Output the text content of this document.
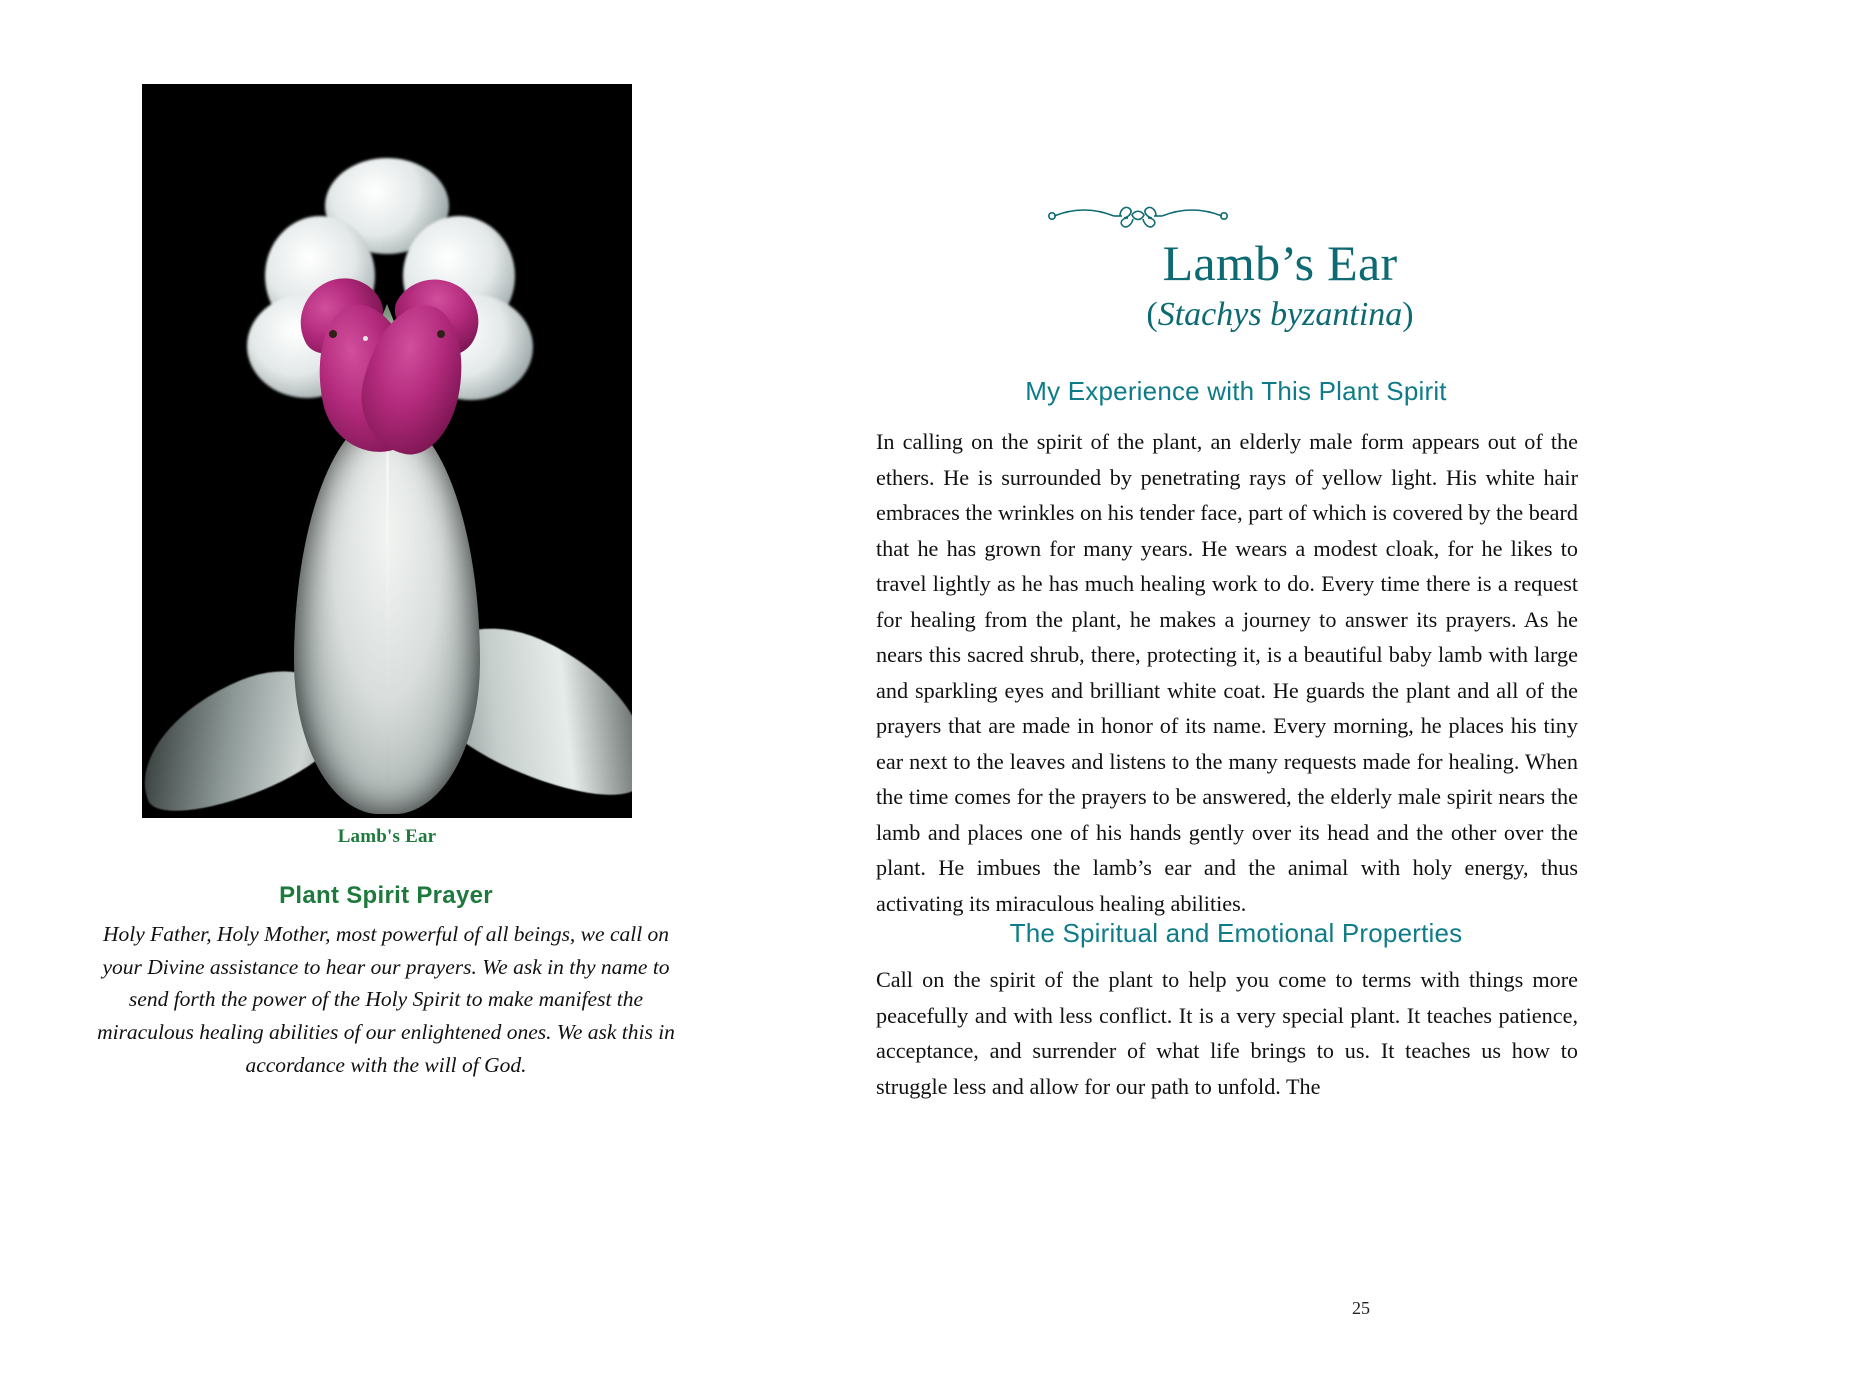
Lamb's Ear
Plant Spirit Prayer
Holy Father, Holy Mother, most powerful of all beings, we call on your Divine assistance to hear our prayers. We ask in thy name to send forth the power of the Holy Spirit to make manifest the miraculous healing abilities of our enlightened ones. We ask this in accordance with the will of God.
Lamb’s Ear
(Stachys byzantina)
My Experience with This Plant Spirit
In calling on the spirit of the plant, an elderly male form appears out of the ethers. He is surrounded by penetrating rays of yellow light. His white hair embraces the wrinkles on his tender face, part of which is covered by the beard that he has grown for many years. He wears a modest cloak, for he likes to travel lightly as he has much healing work to do. Every time there is a request for healing from the plant, he makes a journey to answer its prayers. As he nears this sacred shrub, there, protecting it, is a beautiful baby lamb with large and sparkling eyes and brilliant white coat. He guards the plant and all of the prayers that are made in honor of its name. Every morning, he places his tiny ear next to the leaves and listens to the many requests made for healing. When the time comes for the prayers to be answered, the elderly male spirit nears the lamb and places one of his hands gently over its head and the other over the plant. He imbues the lamb’s ear and the animal with holy energy, thus activating its miraculous healing abilities.
The Spiritual and Emotional Properties
Call on the spirit of the plant to help you come to terms with things more peacefully and with less conflict. It is a very special plant. It teaches patience, acceptance, and surrender of what life brings to us. It teaches us how to struggle less and allow for our path to unfold. The
25
